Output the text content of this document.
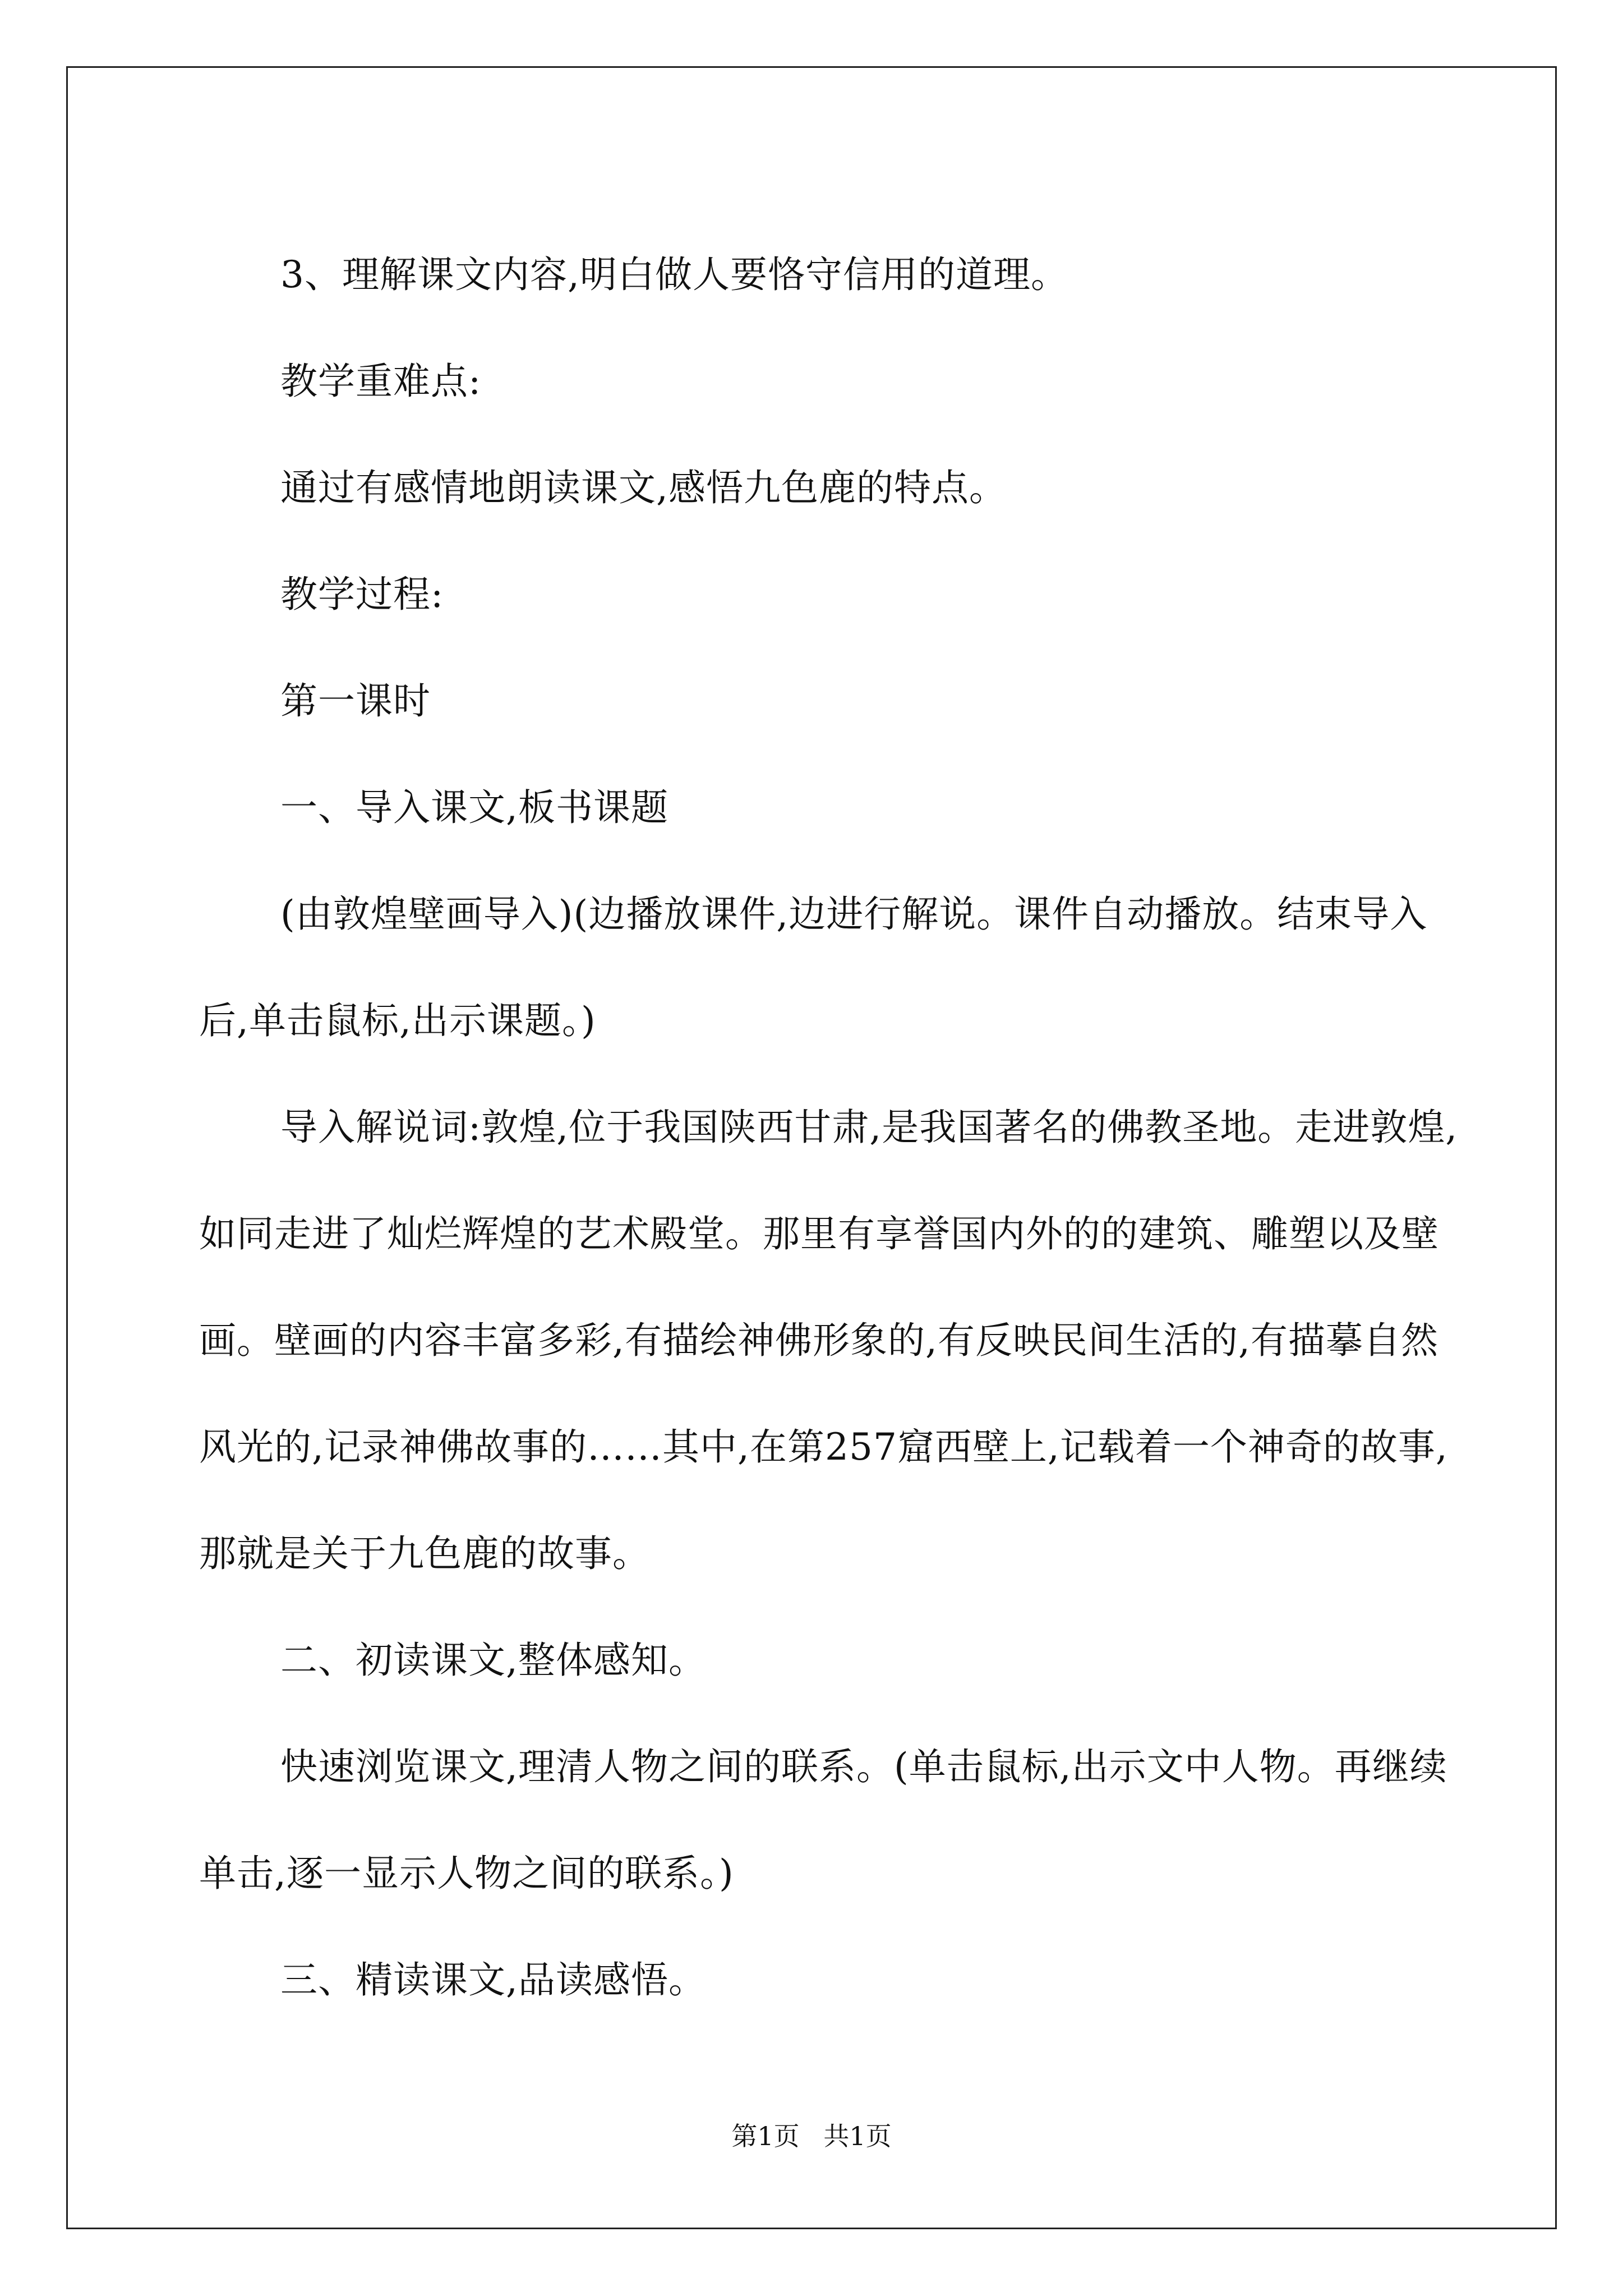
3、理解课文内容,明白做人要恪守信用的道理。

教学重难点:

通过有感情地朗读课文,感悟九色鹿的特点。

教学过程:

第一课时

一、导入课文,板书课题

(由敦煌壁画导入)(边播放课件,边进行解说。课件自动播放。结束导入后,单击鼠标,出示课题。)

导入解说词:敦煌,位于我国陕西甘肃,是我国著名的佛教圣地。走进敦煌,如同走进了灿烂辉煌的艺术殿堂。那里有享誉国内外的的建筑、雕塑以及壁画。壁画的内容丰富多彩,有描绘神佛形象的,有反映民间生活的,有描摹自然风光的,记录神佛故事的……其中,在第257窟西壁上,记载着一个神奇的故事,那就是关于九色鹿的故事。

二、初读课文,整体感知。

快速浏览课文,理清人物之间的联系。(单击鼠标,出示文中人物。再继续单击,逐一显示人物之间的联系。)

三、精读课文,品读感悟。

第1页 共1页
